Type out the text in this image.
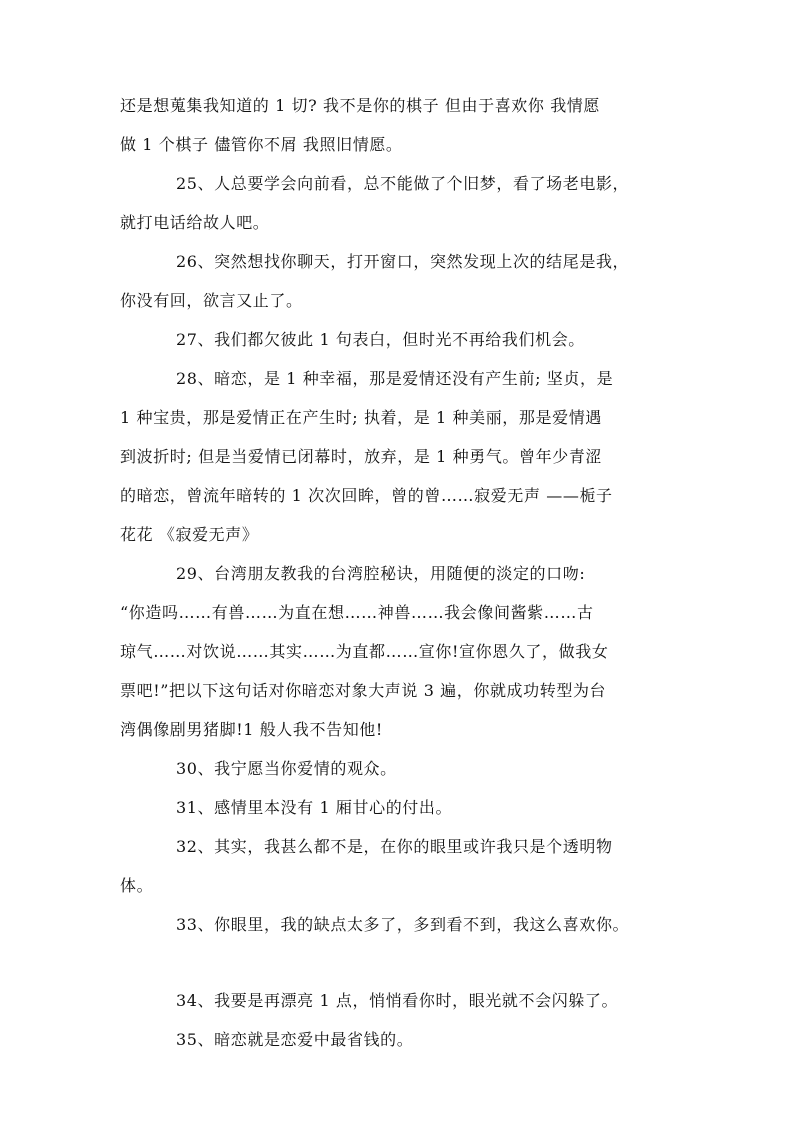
还是想蒐集我知道的 1 切? 我不是你的棋子 但由于喜欢你 我情愿
做 1 个棋子 儘管你不屑 我照旧情愿。
25、人总要学会向前看，总不能做了个旧梦，看了场老电影，
就打电话给故人吧。
26、突然想找你聊天，打开窗口，突然发现上次的结尾是我，
你没有回，欲言又止了。
27、我们都欠彼此 1 句表白，但时光不再给我们机会。
28、暗恋，是 1 种幸福，那是爱情还没有产生前; 坚贞，是
1 种宝贵，那是爱情正在产生时; 执着，是 1 种美丽，那是爱情遇
到波折时; 但是当爱情已闭幕时，放弃，是 1 种勇气。曾年少青涩
的暗恋，曾流年暗转的 1 次次回眸，曾的曾……寂爱无声 ——栀子
花花 《寂爱无声》
29、台湾朋友教我的台湾腔秘诀，用随便的淡定的口吻:
“你造吗……有兽……为直在想……神兽……我会像间酱紫……古
琼气……对饮说……其实……为直都……宣你!宣你恩久了，做我女
票吧!”把以下这句话对你暗恋对象大声说 3 遍，你就成功转型为台
湾偶像剧男猪脚!1 般人我不告知他!
30、我宁愿当你爱情的观众。
31、感情里本没有 1 厢甘心的付出。
32、其实，我甚么都不是，在你的眼里或许我只是个透明物
体。
33、你眼里，我的缺点太多了，多到看不到，我这么喜欢你。
34、我要是再漂亮 1 点，悄悄看你时，眼光就不会闪躲了。
35、暗恋就是恋爱中最省钱的。
